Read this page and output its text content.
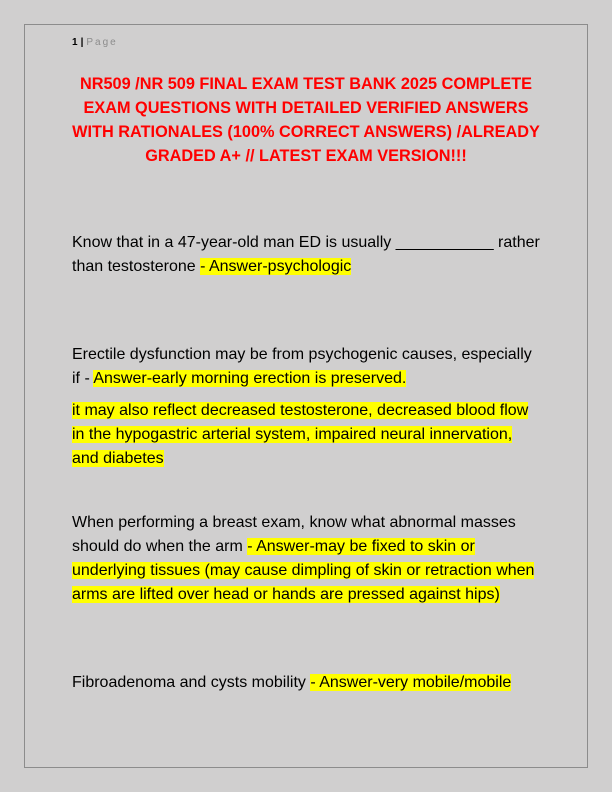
1 | Page
NR509 /NR 509 FINAL EXAM TEST BANK 2025 COMPLETE EXAM QUESTIONS WITH DETAILED VERIFIED ANSWERS WITH RATIONALES (100% CORRECT ANSWERS) /ALREADY GRADED A+ // LATEST EXAM VERSION!!!

Know that in a 47-year-old man ED is usually ___________ rather than testosterone - Answer-psychologic

Erectile dysfunction may be from psychogenic causes, especially if - Answer-early morning erection is preserved.

it may also reflect decreased testosterone, decreased blood flow in the hypogastric arterial system, impaired neural innervation, and diabetes

When performing a breast exam, know what abnormal masses should do when the arm - Answer-may be fixed to skin or underlying tissues (may cause dimpling of skin or retraction when arms are lifted over head or hands are pressed against hips)

Fibroadenoma and cysts mobility - Answer-very mobile/mobile
